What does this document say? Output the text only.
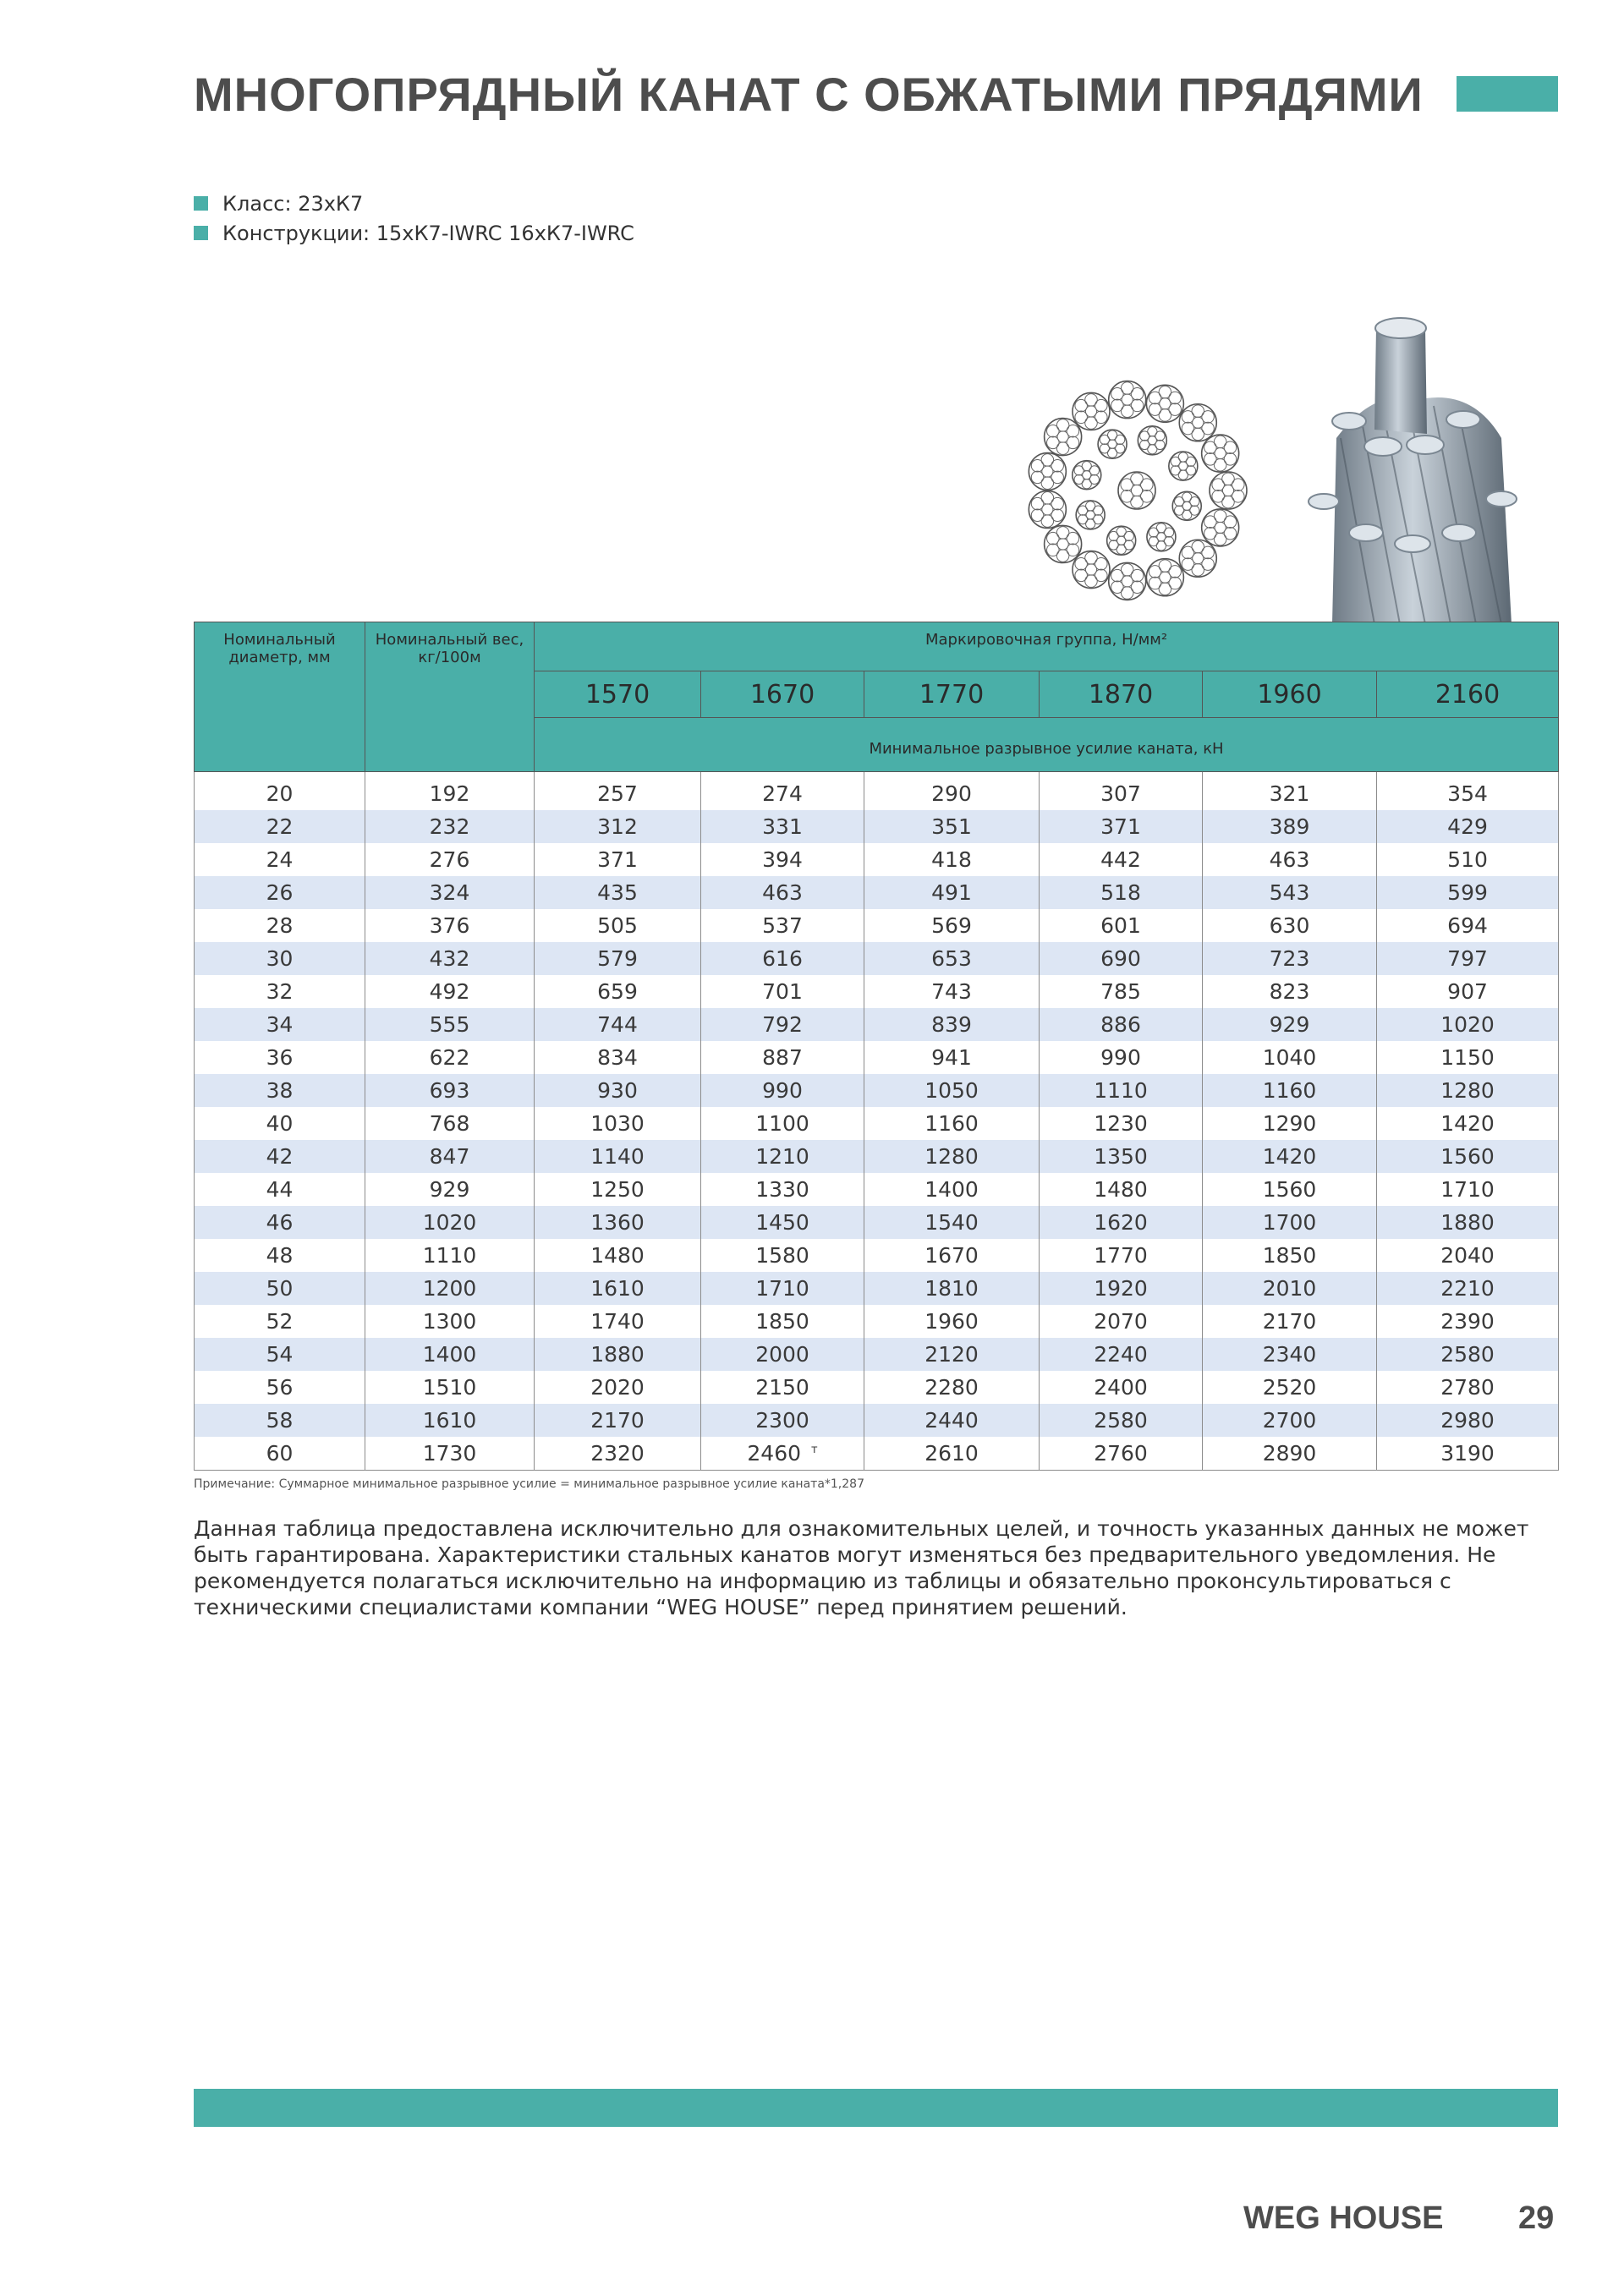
МНОГОПРЯДНЫЙ КАНАТ С ОБЖАТЫМИ ПРЯДЯМИ
Класс: 23хК7
Конструкции: 15хК7-IWRC 16хК7-IWRC
Номинальный диаметр, мм	Номинальный вес, кг/100м	Маркировочная группа, Н/мм²					
		1570	1670	1770	1870	1960	2160
		Минимальное разрывное усилие каната, кН					
20	192	257	274	290	307	321	354
22	232	312	331	351	371	389	429
24	276	371	394	418	442	463	510
26	324	435	463	491	518	543	599
28	376	505	537	569	601	630	694
30	432	579	616	653	690	723	797
32	492	659	701	743	785	823	907
34	555	744	792	839	886	929	1020
36	622	834	887	941	990	1040	1150
38	693	930	990	1050	1110	1160	1280
40	768	1030	1100	1160	1230	1290	1420
42	847	1140	1210	1280	1350	1420	1560
44	929	1250	1330	1400	1480	1560	1710
46	1020	1360	1450	1540	1620	1700	1880
48	1110	1480	1580	1670	1770	1850	2040
50	1200	1610	1710	1810	1920	2010	2210
52	1300	1740	1850	1960	2070	2170	2390
54	1400	1880	2000	2120	2240	2340	2580
56	1510	2020	2150	2280	2400	2520	2780
58	1610	2170	2300	2440	2580	2700	2980
60	1730	2320	2460 $^т$	2610	2760	2890	3190
Примечание: Суммарное минимальное разрывное усилие = минимальное разрывное усилие каната*1,287

Данная таблица предоставлена исключительно для ознакомительных целей, и точность указанных данных не может быть гарантирована. Характеристики стальных канатов могут изменяться без предварительного уведомления. Не рекомендуется полагаться исключительно на информацию из таблицы и обязательно проконсультироваться с техническими специалистами компании “WEG HOUSE” перед принятием решений.

WEG HOUSE 29
